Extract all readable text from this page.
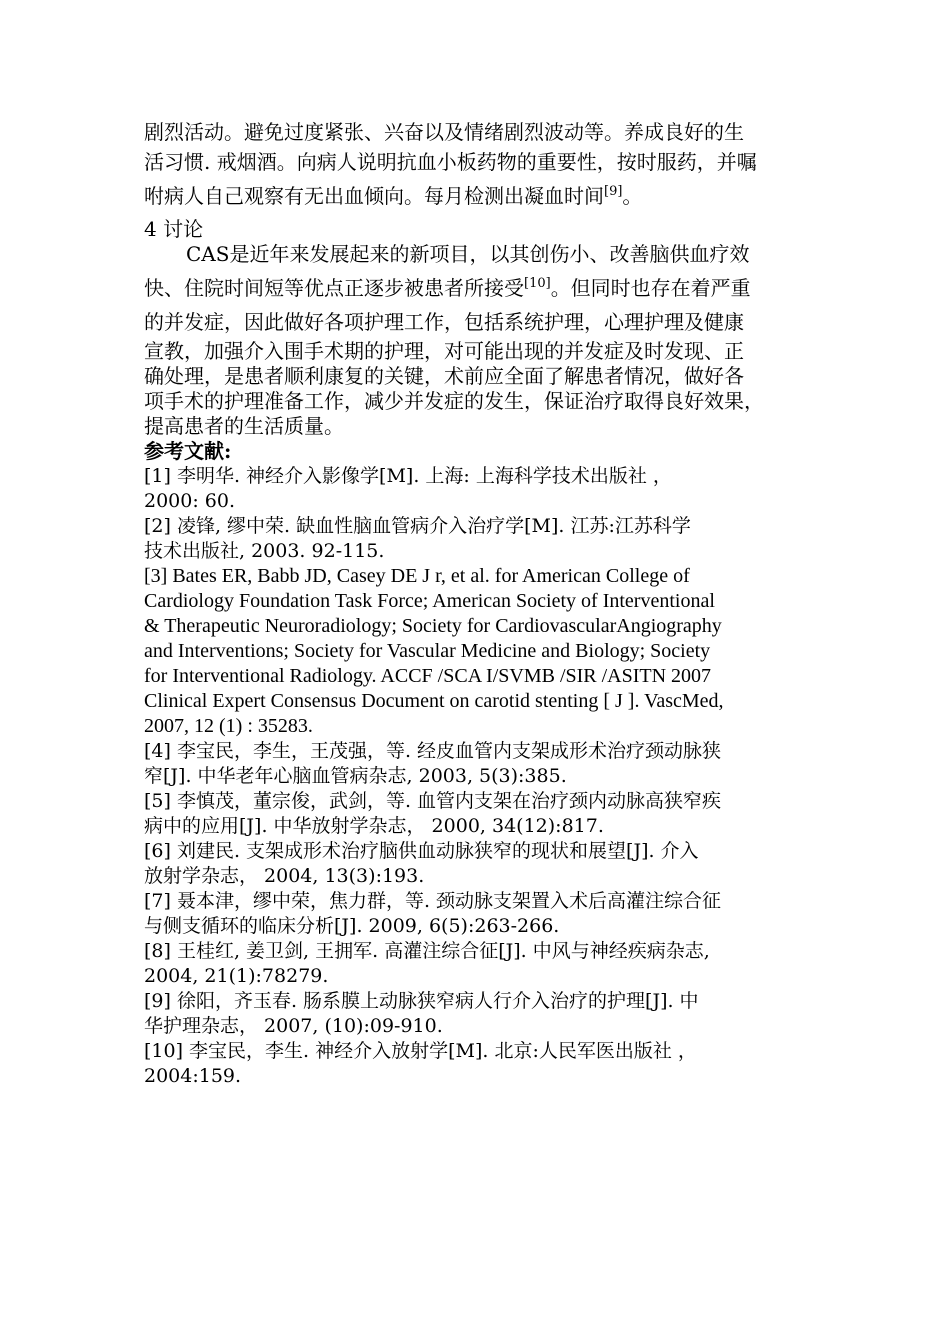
剧烈活动。避免过度紧张、兴奋以及情绪剧烈波动等。养成良好的生
活习惯. 戒烟酒。向病人说明抗血小板药物的重要性，按时服药，并嘱
咐病人自己观察有无出血倾向。每月检测出凝血时间[9]。
4 讨论
CAS是近年来发展起来的新项目，以其创伤小、改善脑供血疗效
快、住院时间短等优点正逐步被患者所接受[10]。但同时也存在着严重
的并发症，因此做好各项护理工作，包括系统护理，心理护理及健康
宣教，加强介入围手术期的护理，对可能出现的并发症及时发现、正
确处理，是患者顺利康复的关键，术前应全面了解患者情况，做好各
项手术的护理准备工作，减少并发症的发生，保证治疗取得良好效果，
提高患者的生活质量。
参考文献:
[1] 李明华. 神经介入影像学[M]. 上海: 上海科学技术出版社 ，
2000: 60.
[2] 凌锋, 缪中荣. 缺血性脑血管病介入治疗学[M]. 江苏:江苏科学
技术出版社, 2003. 92-115.
[3] Bates ER, Babb JD, Casey DE J r, et al. for American College of
Cardiology Foundation Task Force; American Society of Interventional
& Therapeutic Neuroradiology; Society for CardiovascularAngiography
and Interventions; Society for Vascular Medicine and Biology; Society
for Interventional Radiology. ACCF /SCA I/SVMB /SIR /ASITN 2007
Clinical Expert Consensus Document on carotid stenting [ J ]. VascMed,
2007, 12 (1) : 35283.
[4] 李宝民，李生，王茂强，等. 经皮血管内支架成形术治疗颈动脉狭
窄[J]. 中华老年心脑血管病杂志, 2003, 5(3):385.
[5] 李慎茂，董宗俊，武剑，等. 血管内支架在治疗颈内动脉高狭窄疾
病中的应用[J]. 中华放射学杂志， 2000, 34(12):817.
[6] 刘建民. 支架成形术治疗脑供血动脉狭窄的现状和展望[J]. 介入
放射学杂志， 2004, 13(3):193.
[7] 聂本津，缪中荣，焦力群，等. 颈动脉支架置入术后高灌注综合征
与侧支循环的临床分析[J]. 2009, 6(5):263-266.
[8] 王桂红, 姜卫剑, 王拥军. 高灌注综合征[J]. 中风与神经疾病杂志,
2004, 21(1):78279.
[9] 徐阳，齐玉春. 肠系膜上动脉狭窄病人行介入治疗的护理[J]. 中
华护理杂志， 2007, (10):09-910.
[10] 李宝民，李生. 神经介入放射学[M]. 北京:人民军医出版社 ，
2004:159.
